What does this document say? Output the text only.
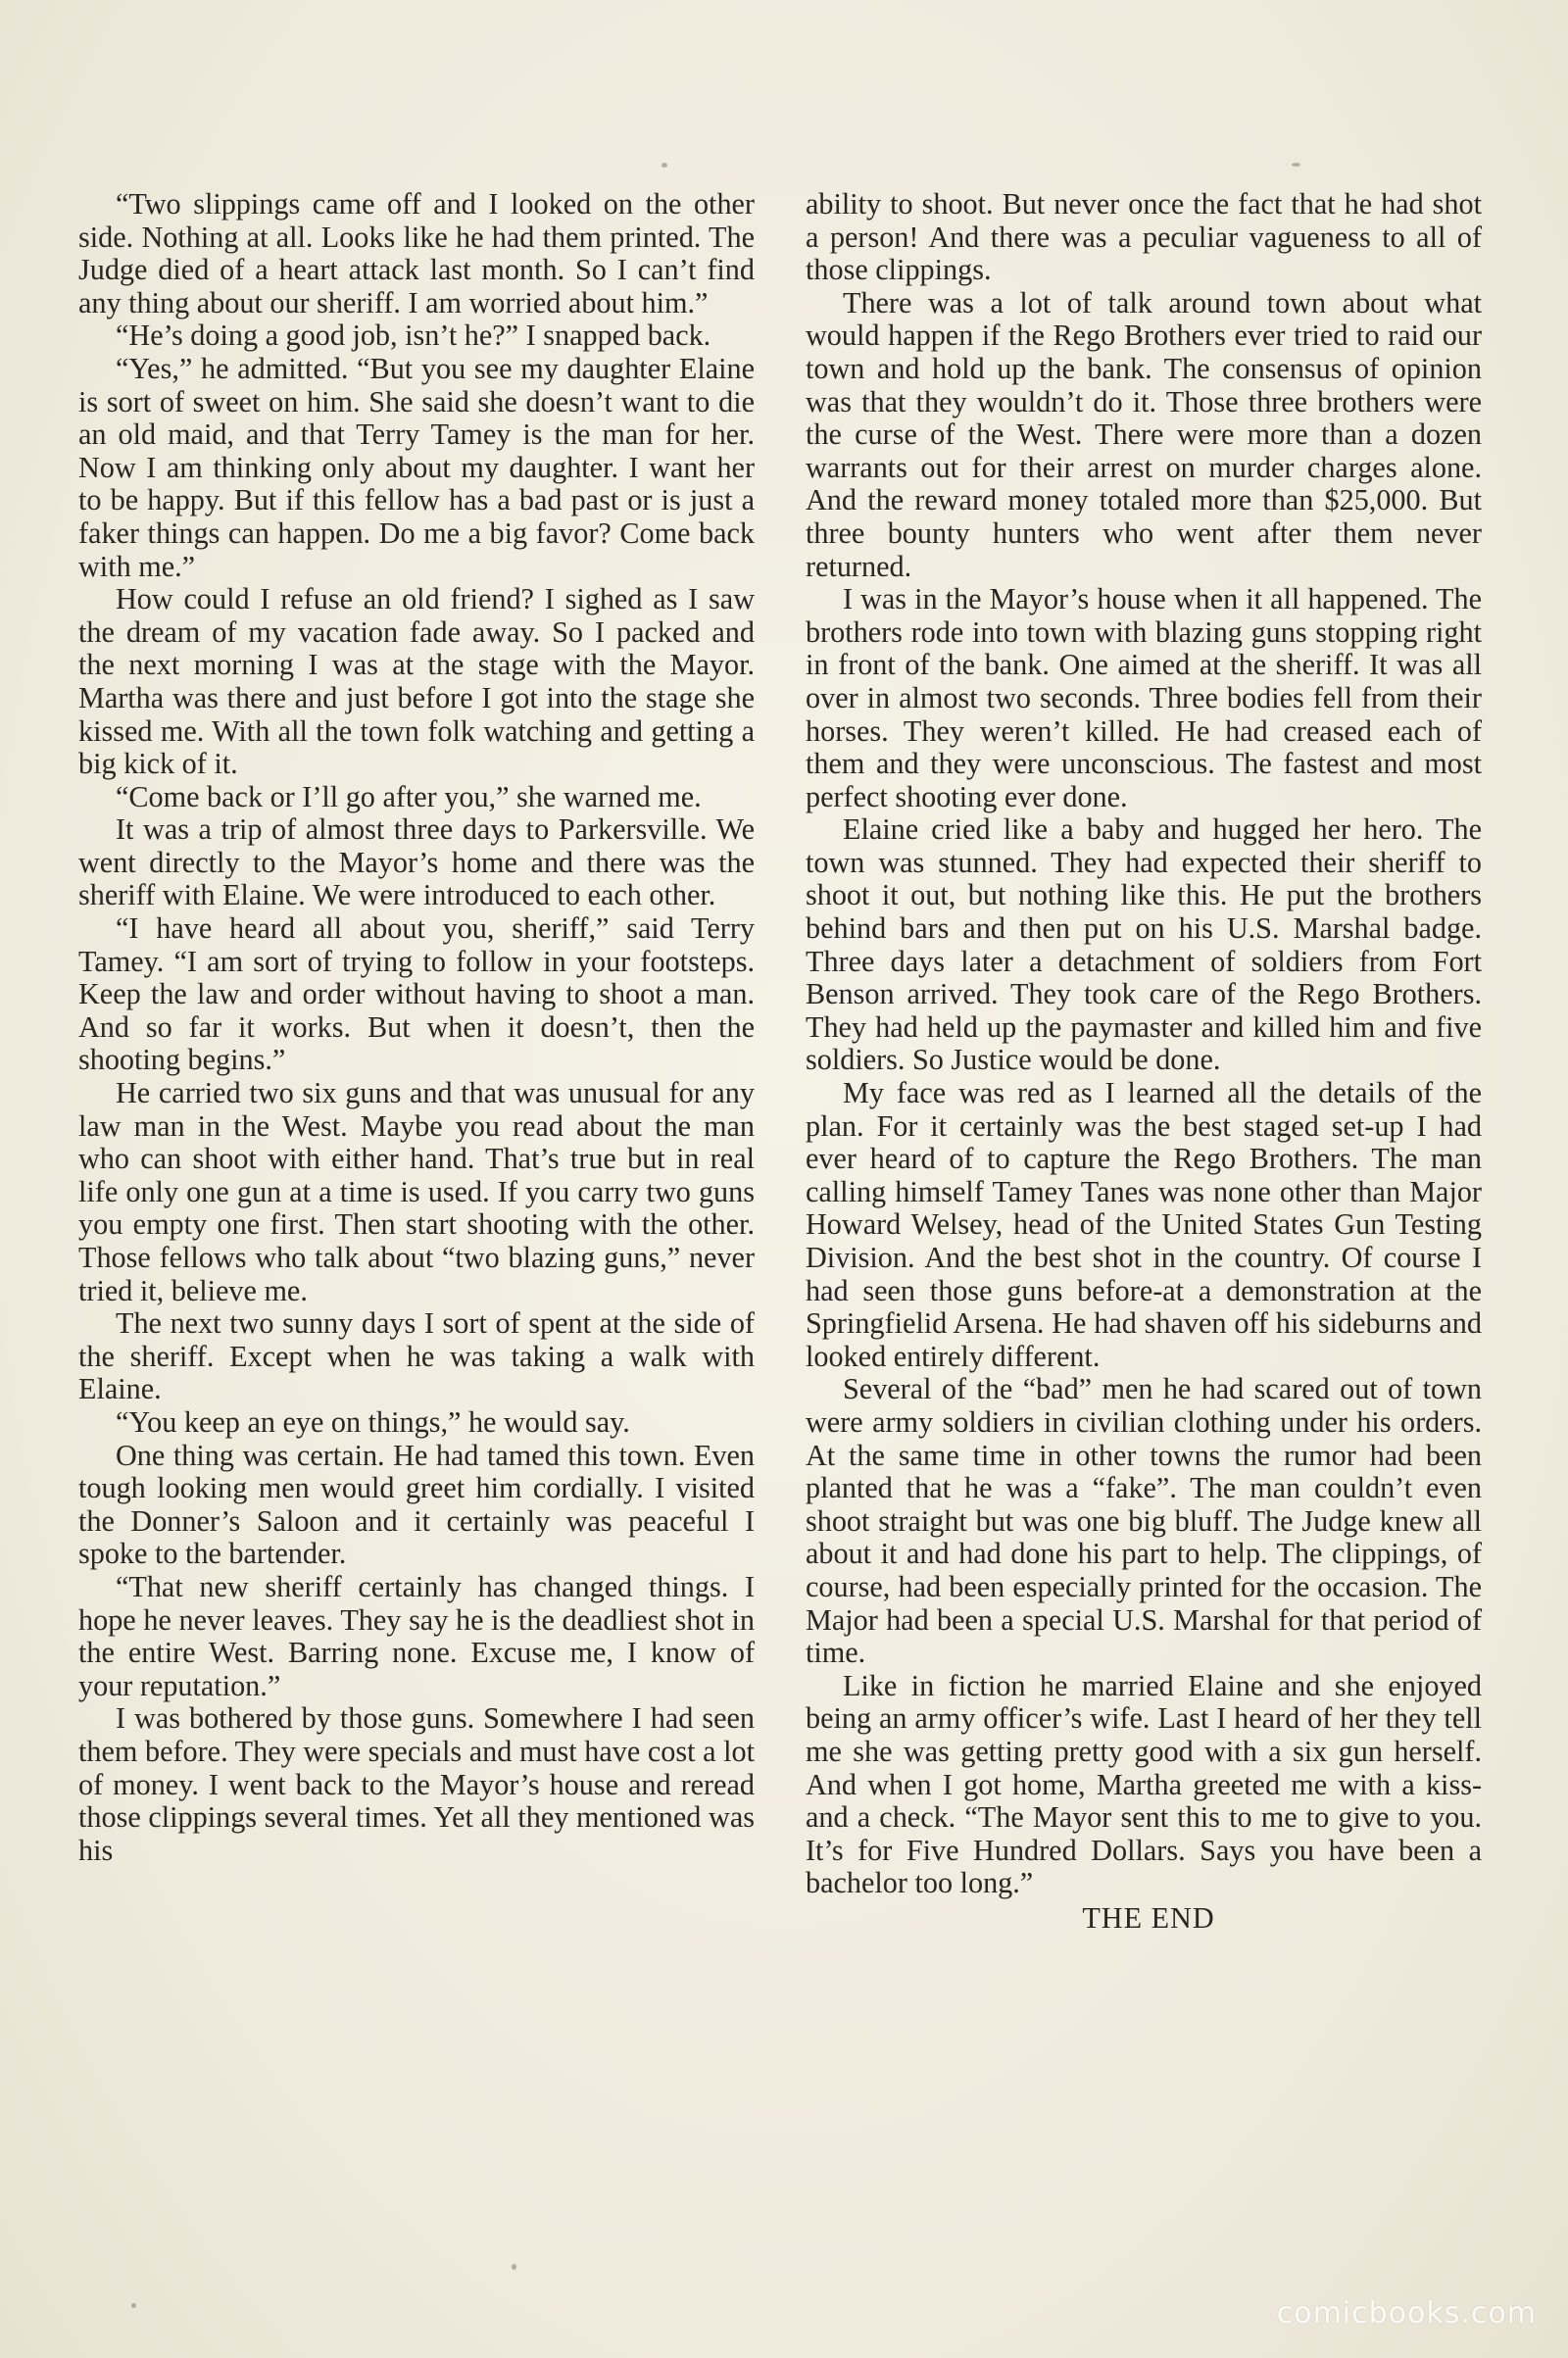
“Two slippings came off and I looked on the other side. Nothing at all. Looks like he had them printed. The Judge died of a heart attack last month. So I can’t find any thing about our sheriff. I am worried about him.”

“He’s doing a good job, isn’t he?” I snapped back.

“Yes,” he admitted. “But you see my daughter Elaine is sort of sweet on him. She said she doesn’t want to die an old maid, and that Terry Tamey is the man for her. Now I am thinking only about my daughter. I want her to be happy. But if this fellow has a bad past or is just a faker things can happen. Do me a big favor? Come back with me.”

How could I refuse an old friend? I sighed as I saw the dream of my vacation fade away. So I packed and the next morning I was at the stage with the Mayor. Martha was there and just before I got into the stage she kissed me. With all the town folk watching and getting a big kick of it.

“Come back or I’ll go after you,” she warned me.

It was a trip of almost three days to Parkersville. We went directly to the Mayor’s home and there was the sheriff with Elaine. We were introduced to each other.

“I have heard all about you, sheriff,” said Terry Tamey. “I am sort of trying to follow in your footsteps. Keep the law and order without having to shoot a man. And so far it works. But when it doesn’t, then the shooting begins.”

He carried two six guns and that was unusual for any law man in the West. Maybe you read about the man who can shoot with either hand. That’s true but in real life only one gun at a time is used. If you carry two guns you empty one first. Then start shooting with the other. Those fellows who talk about “two blazing guns,” never tried it, believe me.

The next two sunny days I sort of spent at the side of the sheriff. Except when he was taking a walk with Elaine.

“You keep an eye on things,” he would say.

One thing was certain. He had tamed this town. Even tough looking men would greet him cordially. I visited the Donner’s Saloon and it certainly was peaceful I spoke to the bartender.

“That new sheriff certainly has changed things. I hope he never leaves. They say he is the deadliest shot in the entire West. Barring none. Excuse me, I know of your reputation.”

I was bothered by those guns. Somewhere I had seen them before. They were specials and must have cost a lot of money. I went back to the Mayor’s house and reread those clippings several times. Yet all they mentioned was his

ability to shoot. But never once the fact that he had shot a person! And there was a peculiar vagueness to all of those clippings.

There was a lot of talk around town about what would happen if the Rego Brothers ever tried to raid our town and hold up the bank. The consensus of opinion was that they wouldn’t do it. Those three brothers were the curse of the West. There were more than a dozen warrants out for their arrest on murder charges alone. And the reward money totaled more than $25,000. But three bounty hunters who went after them never returned.

I was in the Mayor’s house when it all happened. The brothers rode into town with blazing guns stopping right in front of the bank. One aimed at the sheriff. It was all over in almost two seconds. Three bodies fell from their horses. They weren’t killed. He had creased each of them and they were unconscious. The fastest and most perfect shooting ever done.

Elaine cried like a baby and hugged her hero. The town was stunned. They had expected their sheriff to shoot it out, but nothing like this. He put the brothers behind bars and then put on his U.S. Marshal badge. Three days later a detachment of soldiers from Fort Benson arrived. They took care of the Rego Brothers. They had held up the paymaster and killed him and five soldiers. So Justice would be done.

My face was red as I learned all the details of the plan. For it certainly was the best staged set-up I had ever heard of to capture the Rego Brothers. The man calling himself Tamey Tanes was none other than Major Howard Welsey, head of the United States Gun Testing Division. And the best shot in the country. Of course I had seen those guns before-at a demonstration at the Springfielid Arsena. He had shaven off his sideburns and looked entirely different.

Several of the “bad” men he had scared out of town were army soldiers in civilian clothing under his orders. At the same time in other towns the rumor had been planted that he was a “fake”. The man couldn’t even shoot straight but was one big bluff. The Judge knew all about it and had done his part to help. The clippings, of course, had been especially printed for the occasion. The Major had been a special U.S. Marshal for that period of time.

Like in fiction he married Elaine and she enjoyed being an army officer’s wife. Last I heard of her they tell me she was getting pretty good with a six gun herself. And when I got home, Martha greeted me with a kiss-and a check. “The Mayor sent this to me to give to you. It’s for Five Hundred Dollars. Says you have been a bachelor too long.”

THE END

comicbooks.com
